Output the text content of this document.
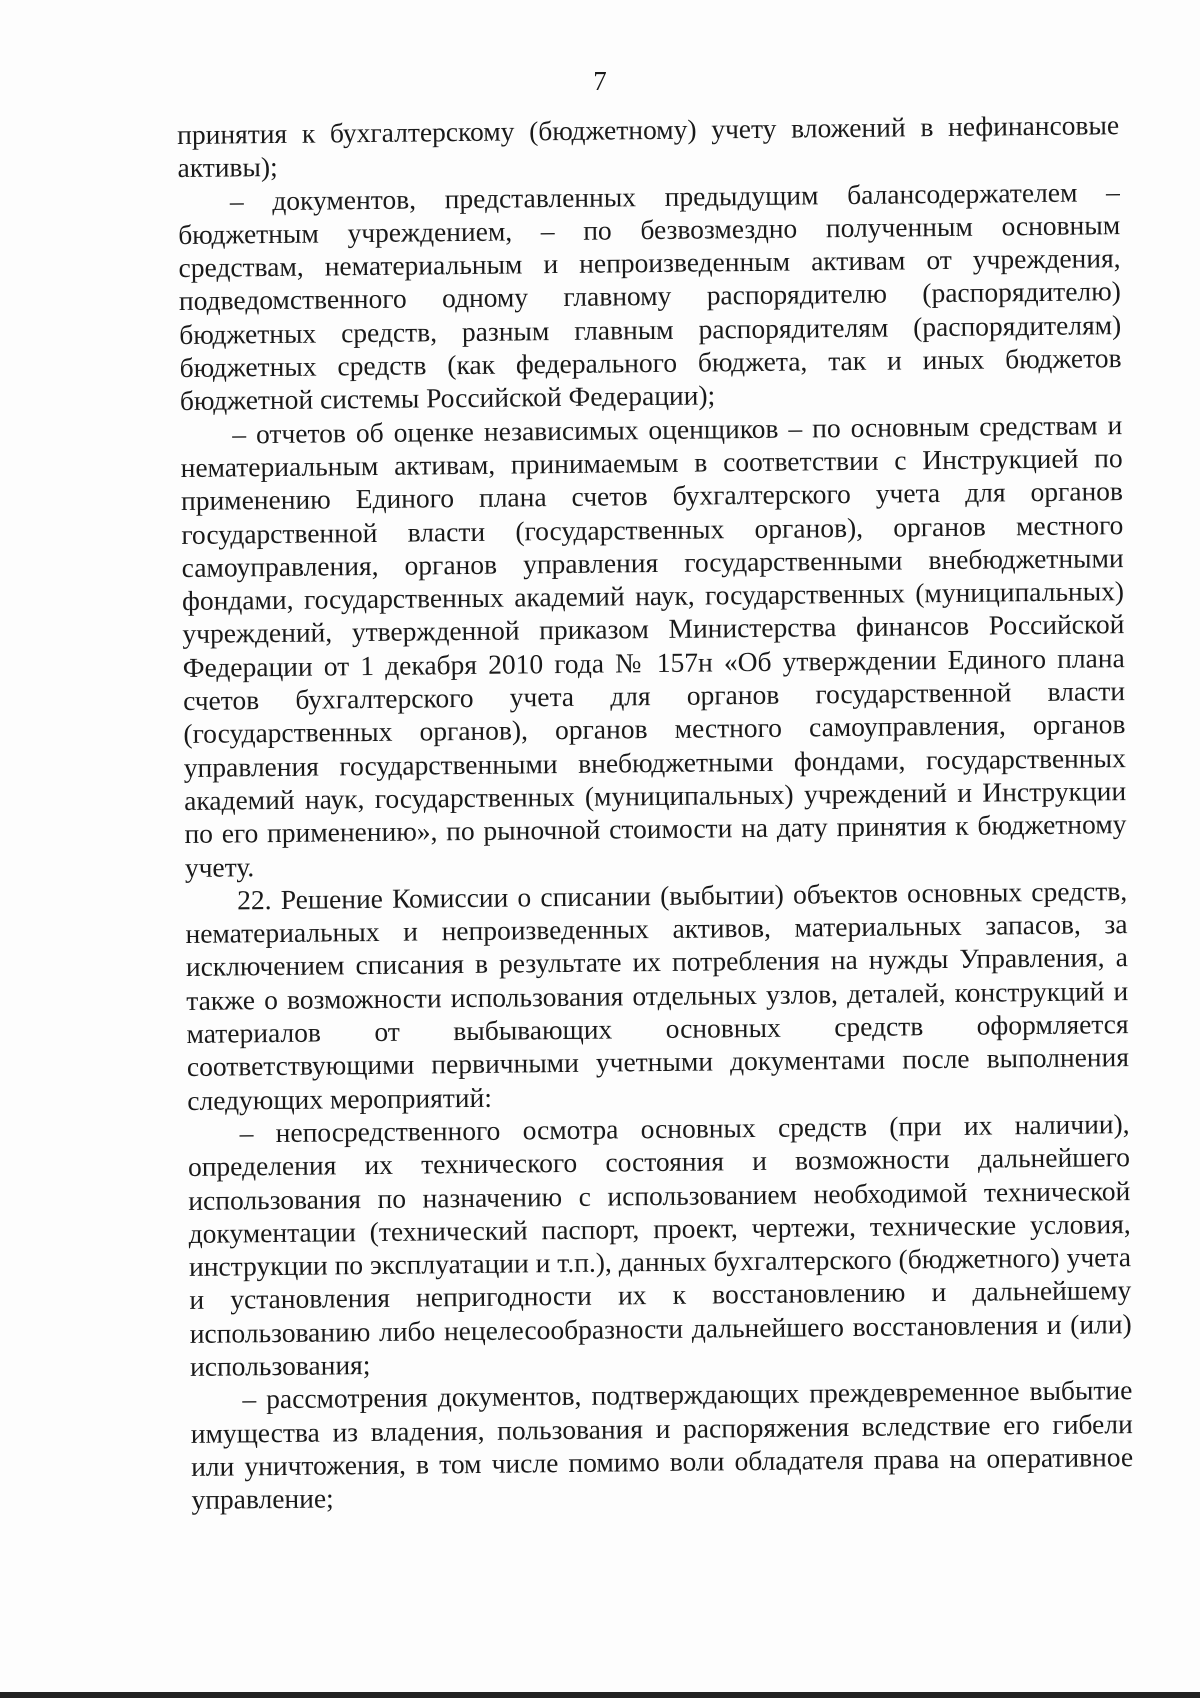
7

принятия к бухгалтерскому (бюджетному) учету вложений в нефинансовые активы);

– документов, представленных предыдущим балансодержателем – бюджетным учреждением, – по безвозмездно полученным основным средствам, нематериальным и непроизведенным активам от учреждения, подведомственного одному главному распорядителю (распорядителю) бюджетных средств, разным главным распорядителям (распорядителям) бюджетных средств (как федерального бюджета, так и иных бюджетов бюджетной системы Российской Федерации);

– отчетов об оценке независимых оценщиков – по основным средствам и нематериальным активам, принимаемым в соответствии с Инструкцией по применению Единого плана счетов бухгалтерского учета для органов государственной власти (государственных органов), органов местного самоуправления, органов управления государственными внебюджетными фондами, государственных академий наук, государственных (муниципальных) учреждений, утвержденной приказом Министерства финансов Российской Федерации от 1 декабря 2010 года № 157н «Об утверждении Единого плана счетов бухгалтерского учета для органов государственной власти (государственных органов), органов местного самоуправления, органов управления государственными внебюджетными фондами, государственных академий наук, государственных (муниципальных) учреждений и Инструкции по его применению», по рыночной стоимости на дату принятия к бюджетному учету.

22. Решение Комиссии о списании (выбытии) объектов основных средств, нематериальных и непроизведенных активов, материальных запасов, за исключением списания в результате их потребления на нужды Управления, а также о возможности использования отдельных узлов, деталей, конструкций и материалов от выбывающих основных средств оформляется соответствующими первичными учетными документами после выполнения следующих мероприятий:

– непосредственного осмотра основных средств (при их наличии), определения их технического состояния и возможности дальнейшего использования по назначению с использованием необходимой технической документации (технический паспорт, проект, чертежи, технические условия, инструкции по эксплуатации и т.п.), данных бухгалтерского (бюджетного) учета и установления непригодности их к восстановлению и дальнейшему использованию либо нецелесообразности дальнейшего восстановления и (или) использования;

– рассмотрения документов, подтверждающих преждевременное выбытие имущества из владения, пользования и распоряжения вследствие его гибели или уничтожения, в том числе помимо воли обладателя права на оперативное управление;
